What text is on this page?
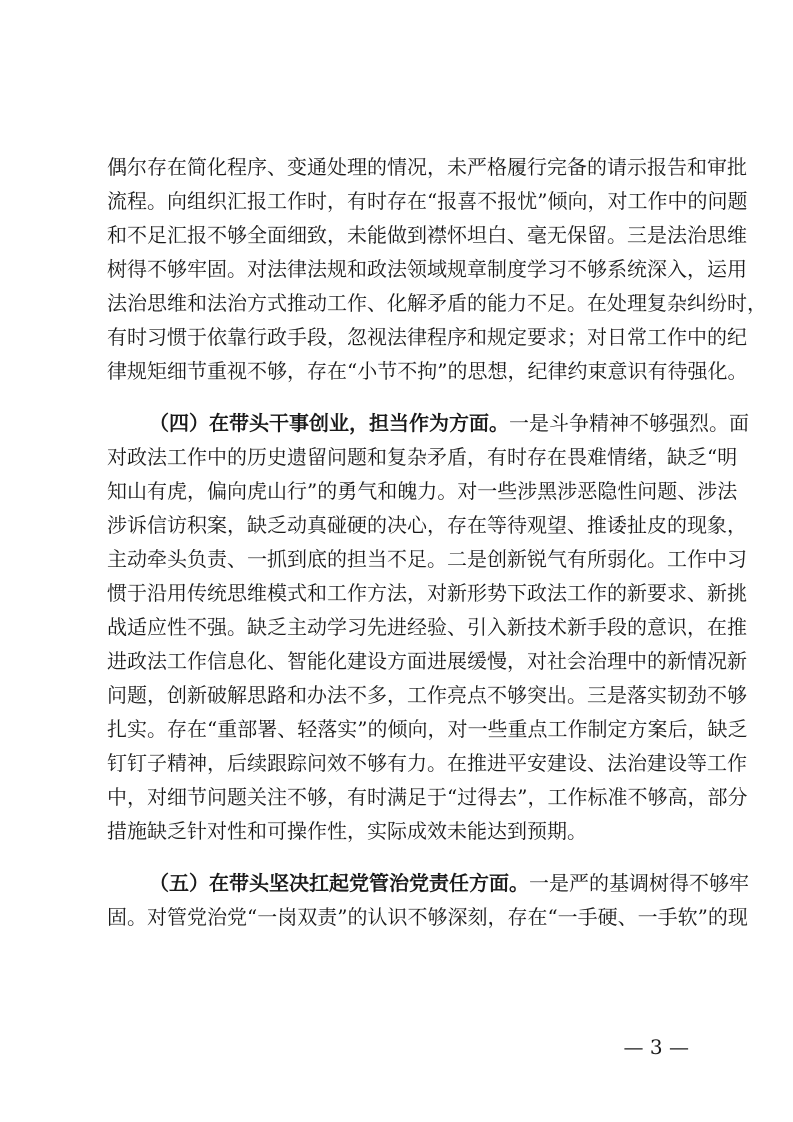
偶尔存在简化程序、变通处理的情况，未严格履行完备的请示报告和审批
流程。向组织汇报工作时，有时存在“报喜不报忧”倾向，对工作中的问题
和不足汇报不够全面细致，未能做到襟怀坦白、毫无保留。三是法治思维
树得不够牢固。对法律法规和政法领域规章制度学习不够系统深入，运用
法治思维和法治方式推动工作、化解矛盾的能力不足。在处理复杂纠纷时，
有时习惯于依靠行政手段，忽视法律程序和规定要求；对日常工作中的纪
律规矩细节重视不够，存在“小节不拘”的思想，纪律约束意识有待强化。
（四）在带头干事创业，担当作为方面。一是斗争精神不够强烈。面
对政法工作中的历史遗留问题和复杂矛盾，有时存在畏难情绪，缺乏“明
知山有虎，偏向虎山行”的勇气和魄力。对一些涉黑涉恶隐性问题、涉法
涉诉信访积案，缺乏动真碰硬的决心，存在等待观望、推诿扯皮的现象，
主动牵头负责、一抓到底的担当不足。二是创新锐气有所弱化。工作中习
惯于沿用传统思维模式和工作方法，对新形势下政法工作的新要求、新挑
战适应性不强。缺乏主动学习先进经验、引入新技术新手段的意识，在推
进政法工作信息化、智能化建设方面进展缓慢，对社会治理中的新情况新
问题，创新破解思路和办法不多，工作亮点不够突出。三是落实韧劲不够
扎实。存在“重部署、轻落实”的倾向，对一些重点工作制定方案后，缺乏
钉钉子精神，后续跟踪问效不够有力。在推进平安建设、法治建设等工作
中，对细节问题关注不够，有时满足于“过得去”，工作标准不够高，部分
措施缺乏针对性和可操作性，实际成效未能达到预期。
（五）在带头坚决扛起党管治党责任方面。一是严的基调树得不够牢
固。对管党治党“一岗双责”的认识不够深刻，存在“一手硬、一手软”的现
— 3 —
